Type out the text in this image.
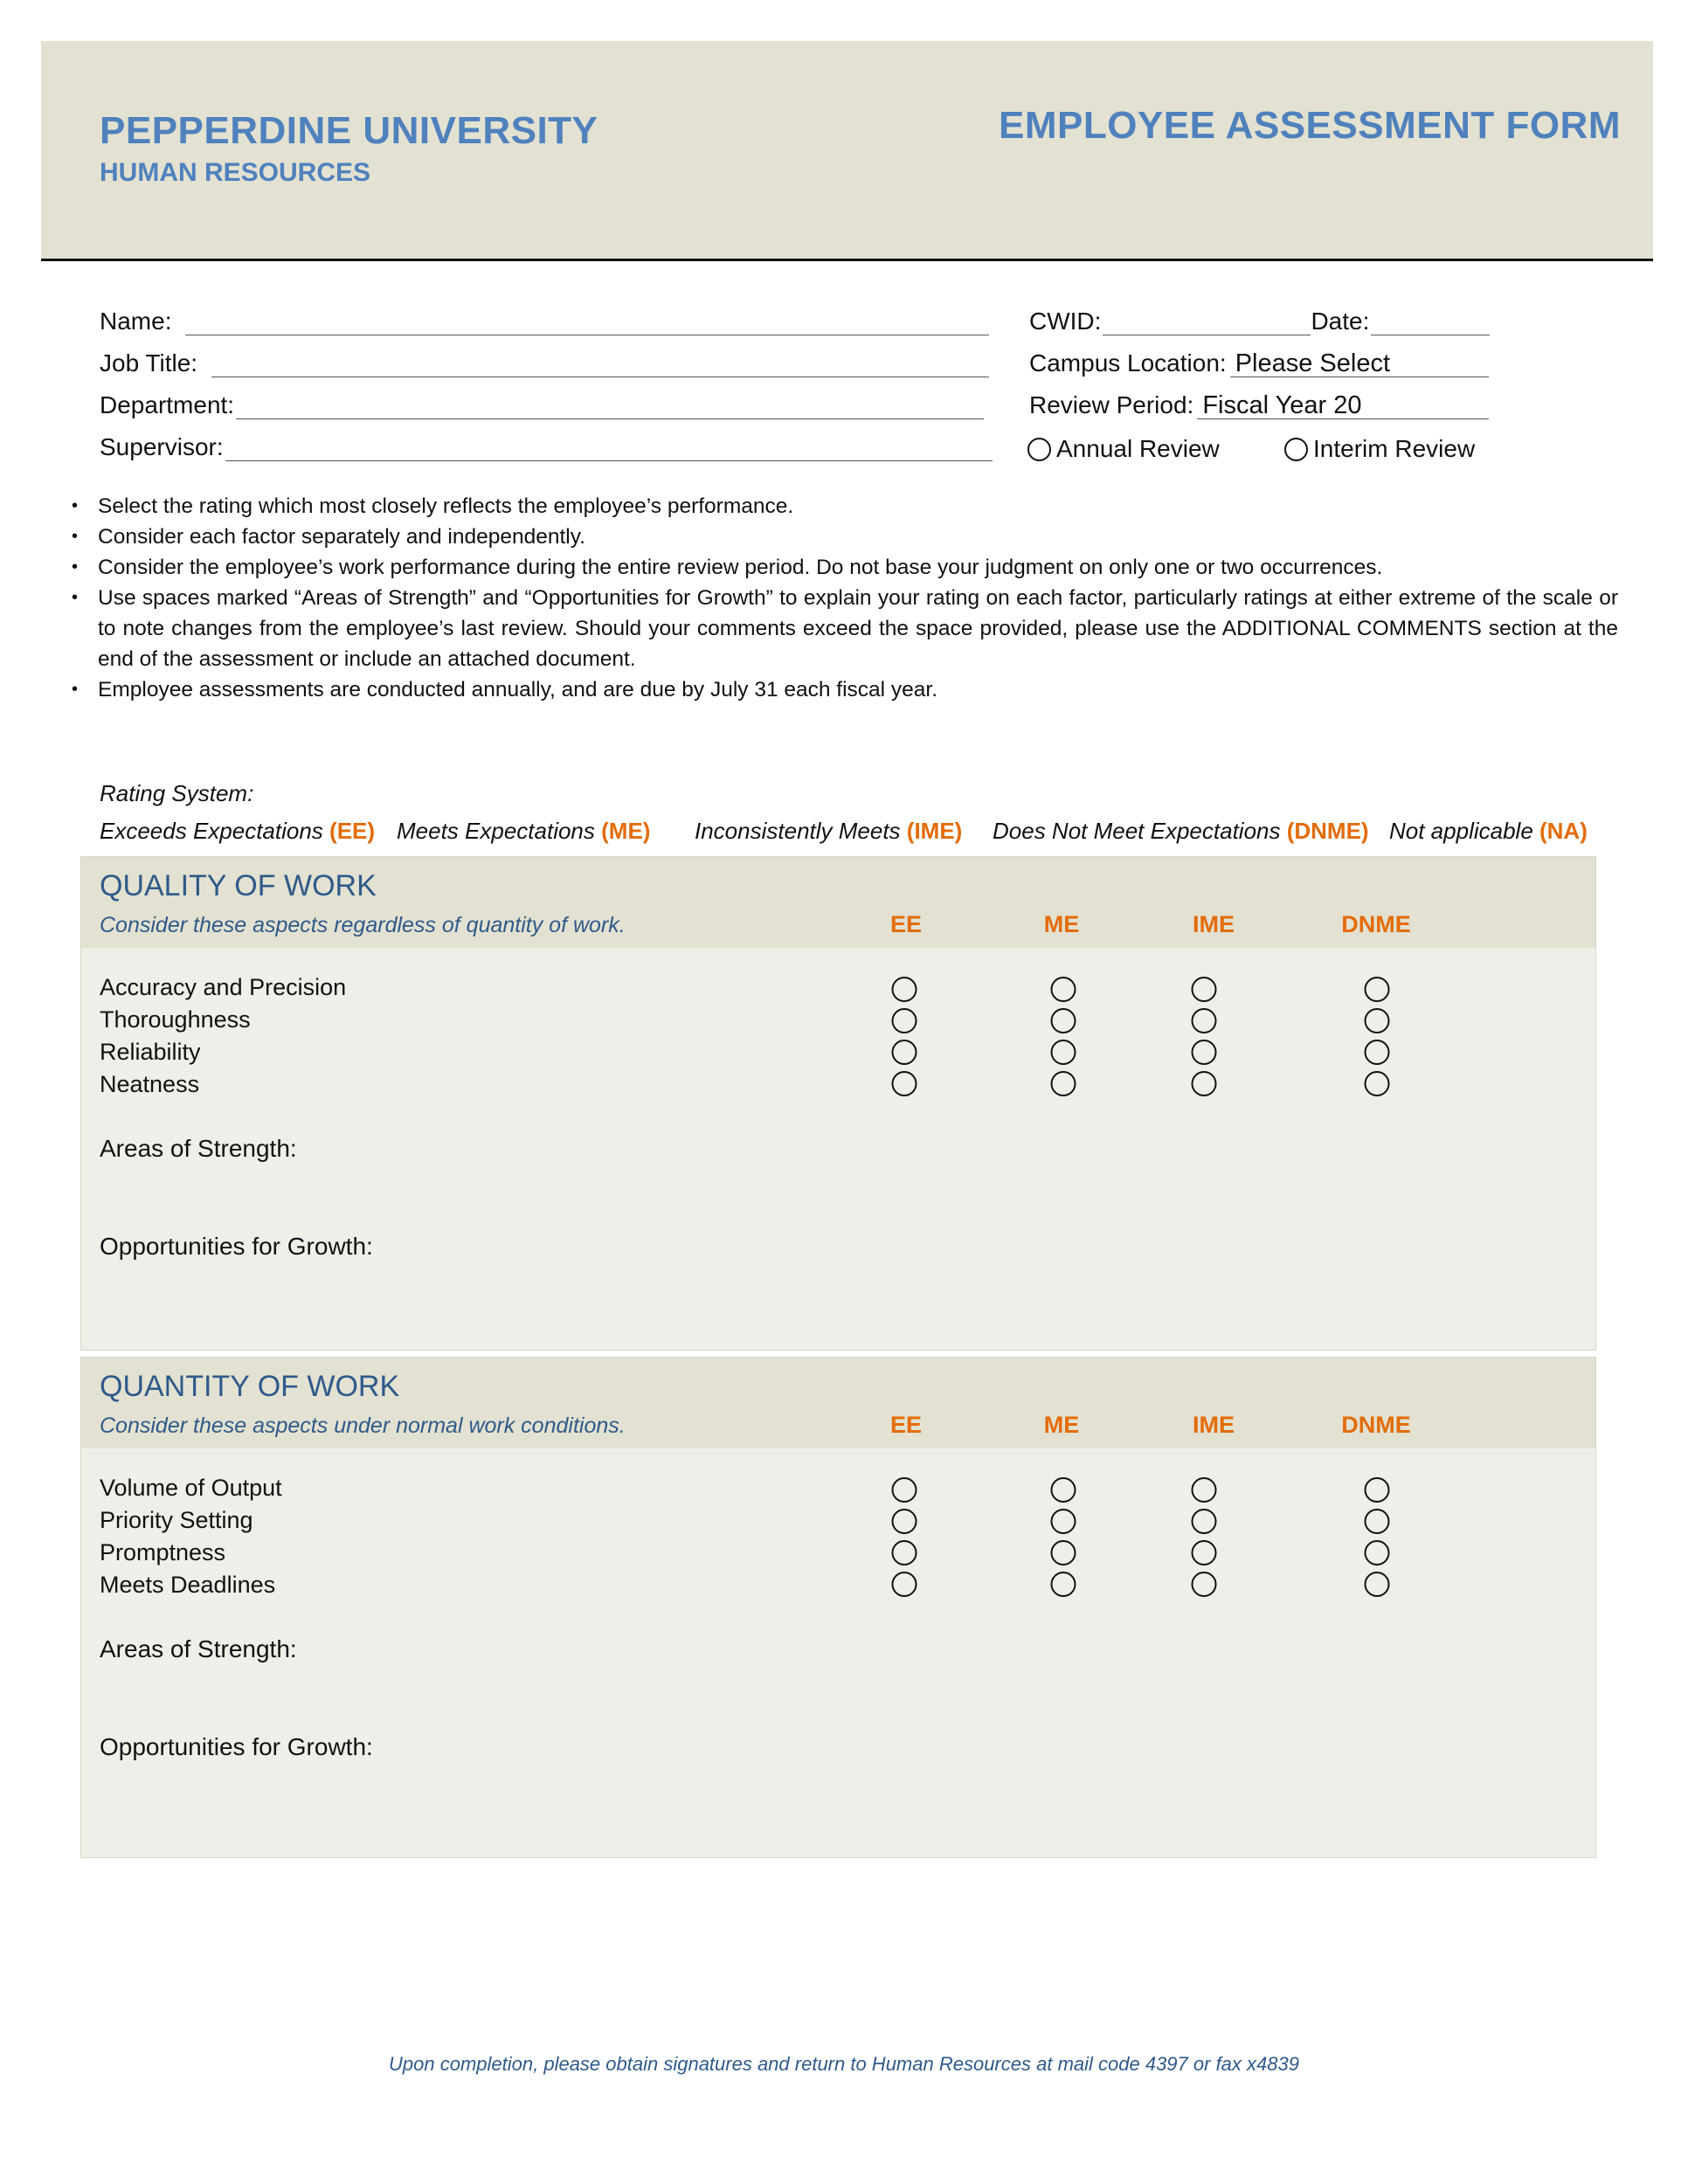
PEPPERDINE UNIVERSITY
HUMAN RESOURCES
EMPLOYEE ASSESSMENT FORM
Name:
Job Title:
Department:
Supervisor:
CWID:	Date:
Campus Location: Please Select
Review Period: Fiscal Year 20
Annual Review	Interim Review
• Select the rating which most closely reflects the employee’s performance.
• Consider each factor separately and independently.
• Consider the employee’s work performance during the entire review period. Do not base your judgment on only one or two occurrences.
• Use spaces marked “Areas of Strength” and “Opportunities for Growth” to explain your rating on each factor, particularly ratings at either extreme of the scale or to note changes from the employee’s last review. Should your comments exceed the space provided, please use the ADDITIONAL COMMENTS section at the end of the assessment or include an attached document.
• Employee assessments are conducted annually, and are due by July 31 each fiscal year.
Rating System:
Exceeds Expectations (EE) Meets Expectations (ME) Inconsistently Meets (IME) Does Not Meet Expectations (DNME) Not applicable (NA)
QUALITY OF WORK
Consider these aspects regardless of quantity of work.	EE	ME	IME	DNME
Accuracy and Precision
Thoroughness
Reliability
Neatness
Areas of Strength:
Opportunities for Growth:
QUANTITY OF WORK
Consider these aspects under normal work conditions.	EE	ME	IME	DNME
Volume of Output
Priority Setting
Promptness
Meets Deadlines
Areas of Strength:
Opportunities for Growth:
Upon completion, please obtain signatures and return to Human Resources at mail code 4397 or fax x4839
